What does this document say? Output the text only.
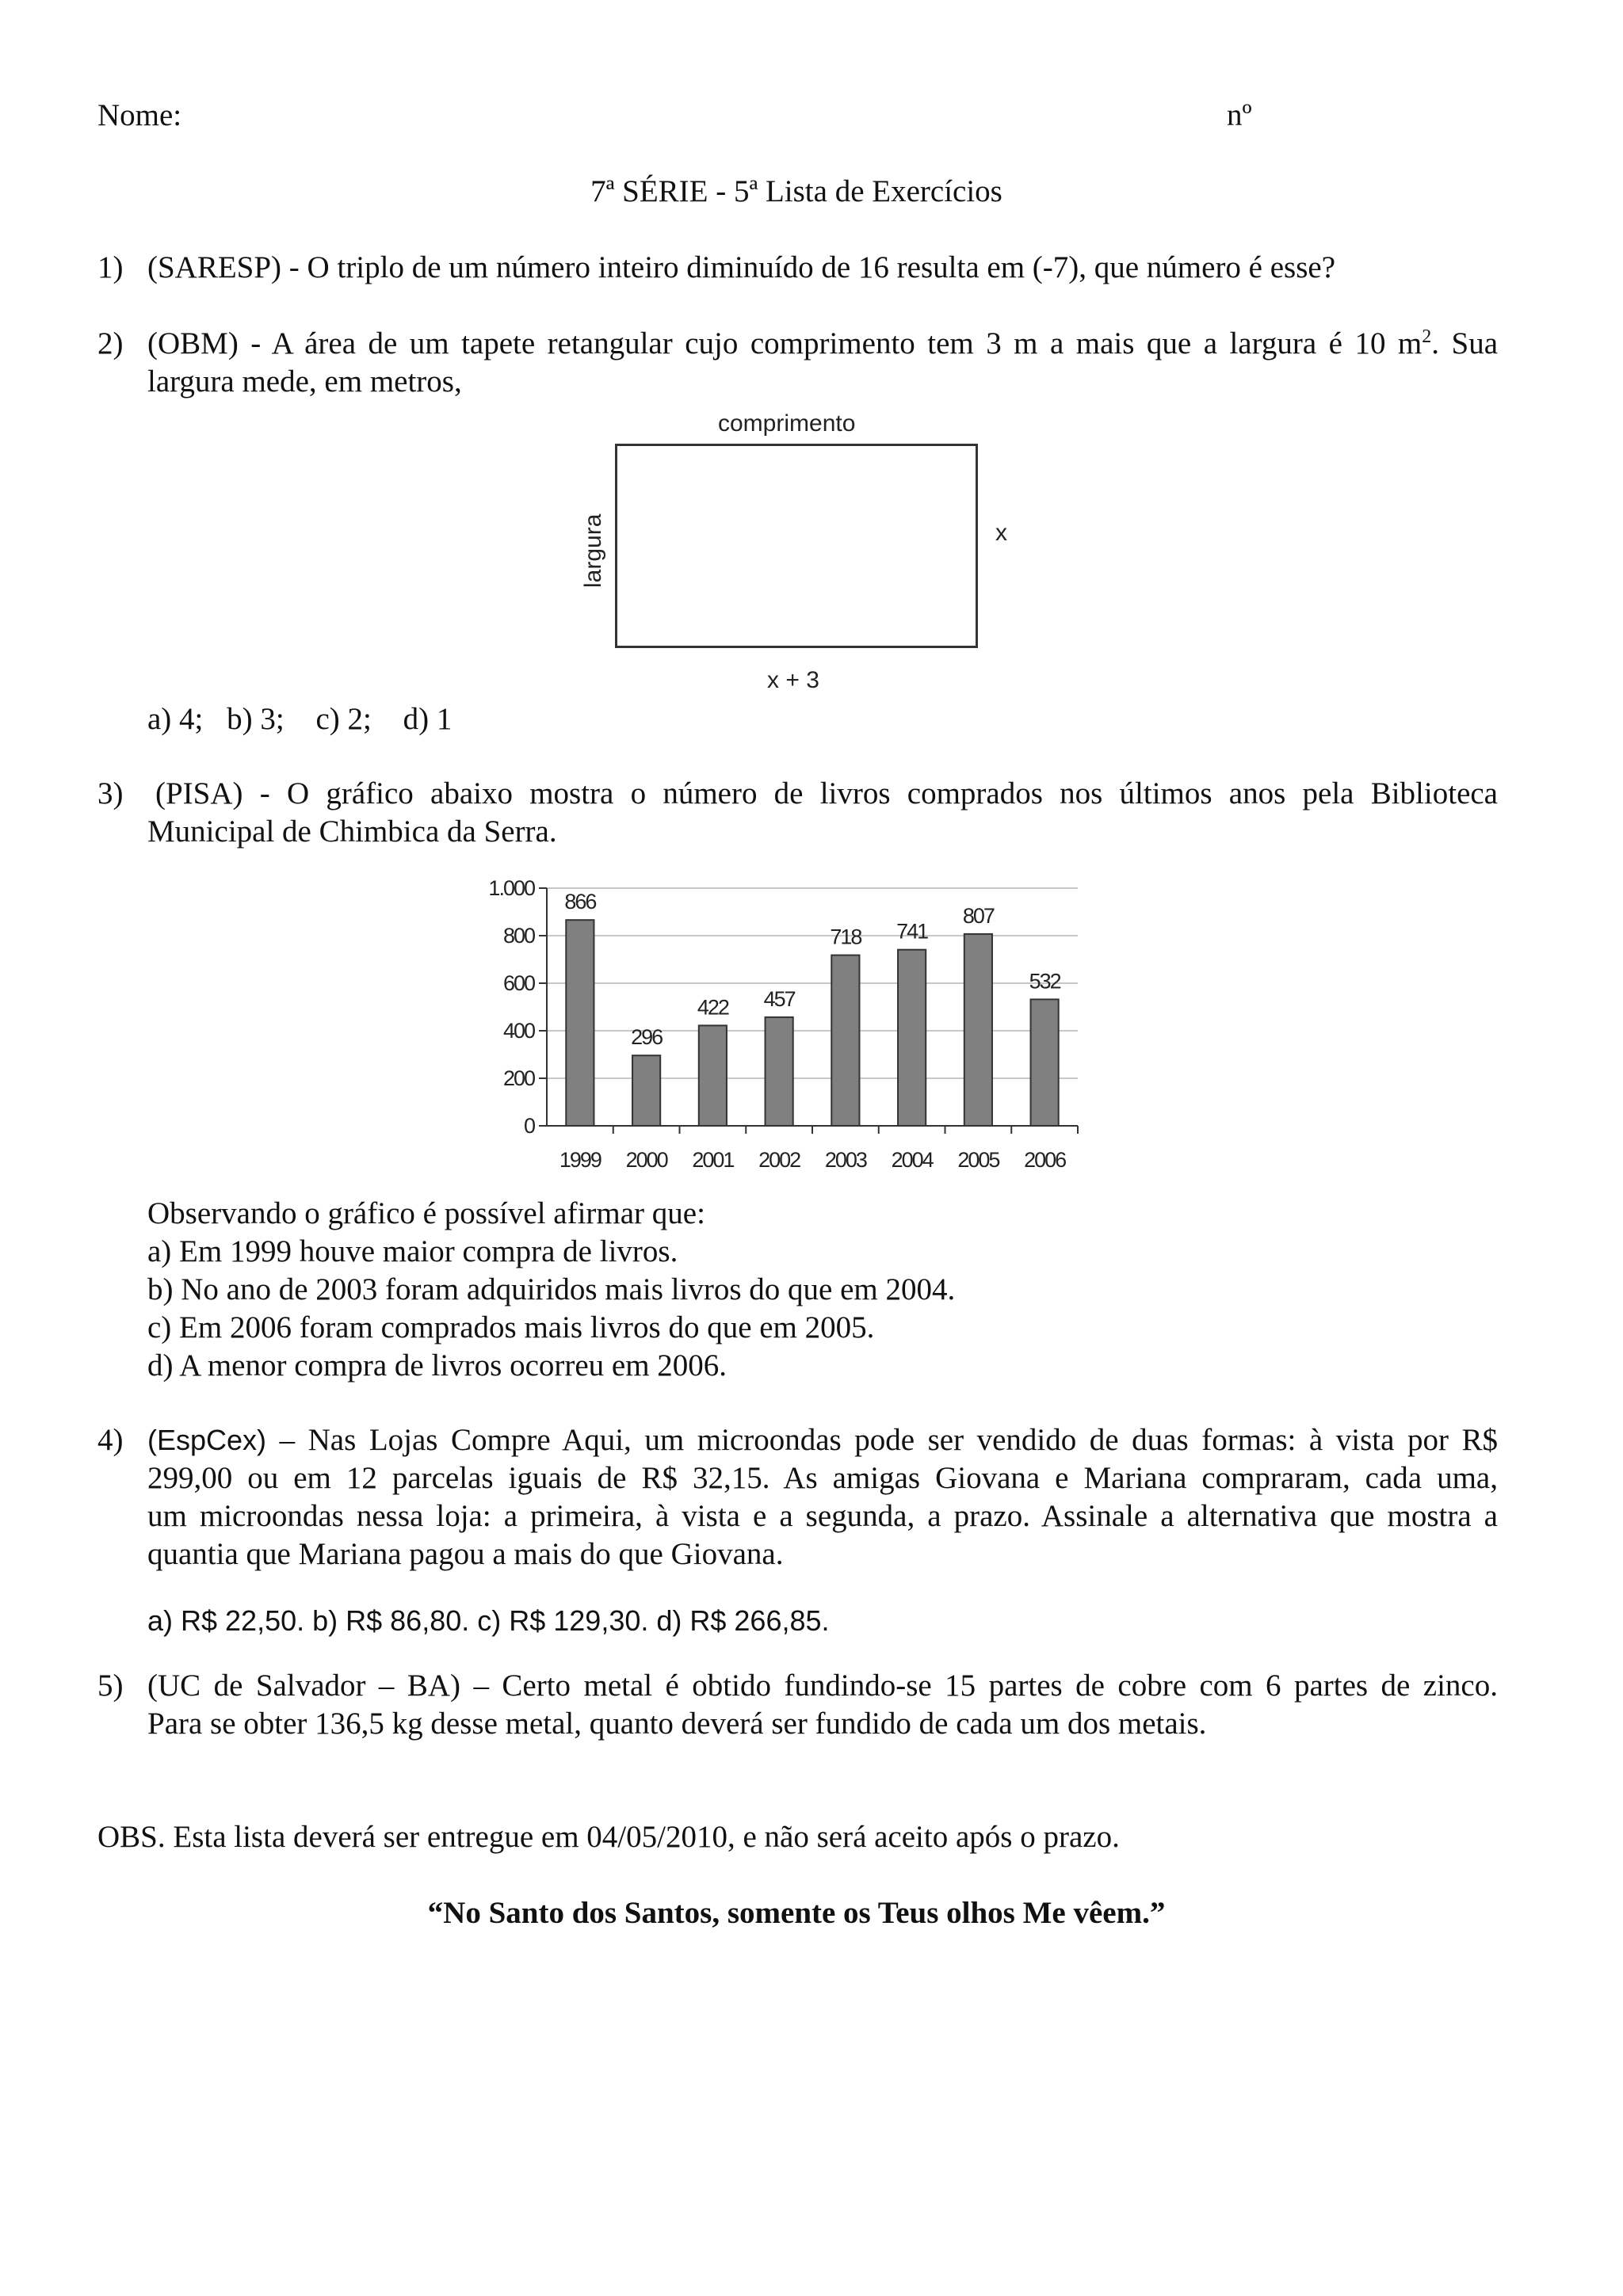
Nome:	nº
7ª SÉRIE - 5ª Lista de Exercícios
1) (SARESP) - O triplo de um número inteiro diminuído de 16 resulta em (-7), que número é esse?
2) (OBM) - A área de um tapete retangular cujo comprimento tem 3 m a mais que a largura é 10 $m^2$. Sua
largura mede, em metros,
comprimento
largura	x
x + 3
a) 4; b) 3; c) 2; d) 1
3) (PISA) - O gráfico abaixo mostra o número de livros comprados nos últimos anos pela Biblioteca
Municipal de Chimbica da Serra.
0
200
400
600
800
1.000
866
1999
296
2000
422
2001
457
2002
718
2003
741
2004
807
2005
532
2006
Observando o gráfico é possível afirmar que:
a) Em 1999 houve maior compra de livros.
b) No ano de 2003 foram adquiridos mais livros do que em 2004.
c) Em 2006 foram comprados mais livros do que em 2005.
d) A menor compra de livros ocorreu em 2006.
4) (EspCex) – Nas Lojas Compre Aqui, um microondas pode ser vendido de duas formas: à vista por R$
299,00 ou em 12 parcelas iguais de R$ 32,15. As amigas Giovana e Mariana compraram, cada uma,
um microondas nessa loja: a primeira, à vista e a segunda, a prazo. Assinale a alternativa que mostra a
quantia que Mariana pagou a mais do que Giovana.
a) R$ 22,50. b) R$ 86,80. c) R$ 129,30. d) R$ 266,85.
5) (UC de Salvador – BA) – Certo metal é obtido fundindo-se 15 partes de cobre com 6 partes de zinco.
Para se obter 136,5 kg desse metal, quanto deverá ser fundido de cada um dos metais.
OBS. Esta lista deverá ser entregue em 04/05/2010, e não será aceito após o prazo.
“No Santo dos Santos, somente os Teus olhos Me vêem.”
